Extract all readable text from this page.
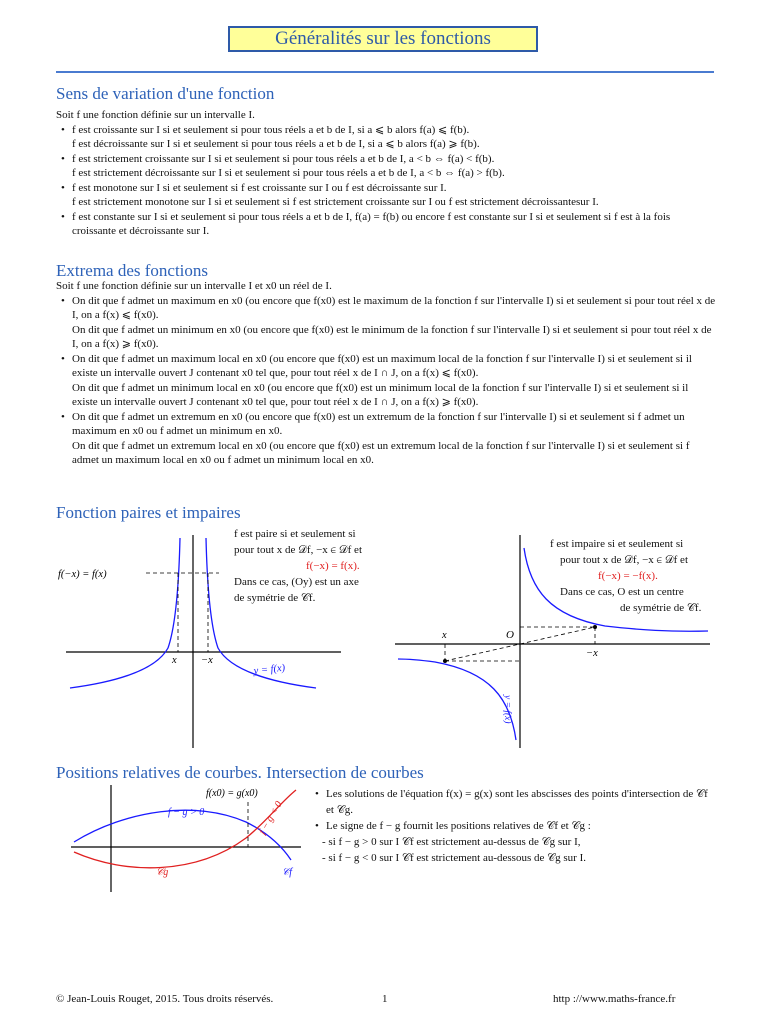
Généralités sur les fonctions
Sens de variation d'une fonction

Soit f une fonction définie sur un intervalle I.

• f est croissante sur I si et seulement si pour tous réels a et b de I, si a ⩽ b alors f(a) ⩽ f(b).

f est décroissante sur I si et seulement si pour tous réels a et b de I, si a ⩽ b alors f(a) ⩾ f(b).

• f est strictement croissante sur I si et seulement si pour tous réels a et b de I, a < b ⇔ f(a) < f(b).

f est strictement décroissante sur I si et seulement si pour tous réels a et b de I, a < b ⇔ f(a) > f(b).

• f est monotone sur I si et seulement si f est croissante sur I ou f est décroissante sur I.

f est strictement monotone sur I si et seulement si f est strictement croissante sur I ou f est strictement décroissantesur I.

• f est constante sur I si et seulement si pour tous réels a et b de I, f(a) = f(b) ou encore f est constante sur I si et seulement si f est à la fois croissante et décroissante sur I.

Extrema des fonctions

Soit f une fonction définie sur un intervalle I et x0 un réel de I.

• On dit que f admet un maximum en x0 (ou encore que f(x0) est le maximum de la fonction f sur l'intervalle I) si et seulement si pour tout réel x de I, on a f(x) ⩽ f(x0).

On dit que f admet un minimum en x0 (ou encore que f(x0) est le minimum de la fonction f sur l'intervalle I) si et seulement si pour tout réel x de I, on a f(x) ⩾ f(x0).

• On dit que f admet un maximum local en x0 (ou encore que f(x0) est un maximum local de la fonction f sur l'intervalle I) si et seulement si il existe un intervalle ouvert J contenant x0 tel que, pour tout réel x de I ∩ J, on a f(x) ⩽ f(x0).

On dit que f admet un minimum local en x0 (ou encore que f(x0) est un minimum local de la fonction f sur l'intervalle I) si et seulement si il existe un intervalle ouvert J contenant x0 tel que, pour tout réel x de I ∩ J, on a f(x) ⩾ f(x0).

• On dit que f admet un extremum en x0 (ou encore que f(x0) est un extremum de la fonction f sur l'intervalle I) si et seulement si f admet un maximum en x0 ou f admet un minimum en x0.

On dit que f admet un extremum local en x0 (ou encore que f(x0) est un extremum local de la fonction f sur l'intervalle I) si et seulement si f admet un maximum local en x0 ou f admet un minimum local en x0.

Fonction paires et impaires
f(−x) = f(x)
x −x
y = f(x)

f est paire si et seulement si

pour tout x de 𝒟f, −x ∈ 𝒟f et

f(−x) = f(x).

Dans ce cas, (Oy) est un axe

de symétrie de 𝒞f.

x	O
−x
y = f(x)

f est impaire si et seulement si

pour tout x de 𝒟f, −x ∈ 𝒟f et

f(−x) = −f(x).

Dans ce cas, O est un centre

de symétrie de 𝒞f.

Positions relatives de courbes. Intersection de courbes
f(x0) = g(x0)
f − g > 0	f − g < 0
𝒞g	𝒞f

• Les solutions de l'équation f(x) = g(x) sont les abscisses des points d'intersection de 𝒞f et 𝒞g.

• Le signe de f − g fournit les positions relatives de 𝒞f et 𝒞g :

- si f − g > 0 sur I 𝒞f est strictement au-dessus de 𝒞g sur I,

- si f − g < 0 sur I 𝒞f est strictement au-dessous de 𝒞g sur I.

© Jean-Louis Rouget, 2015. Tous droits réservés.	1	http ://www.maths-france.fr
